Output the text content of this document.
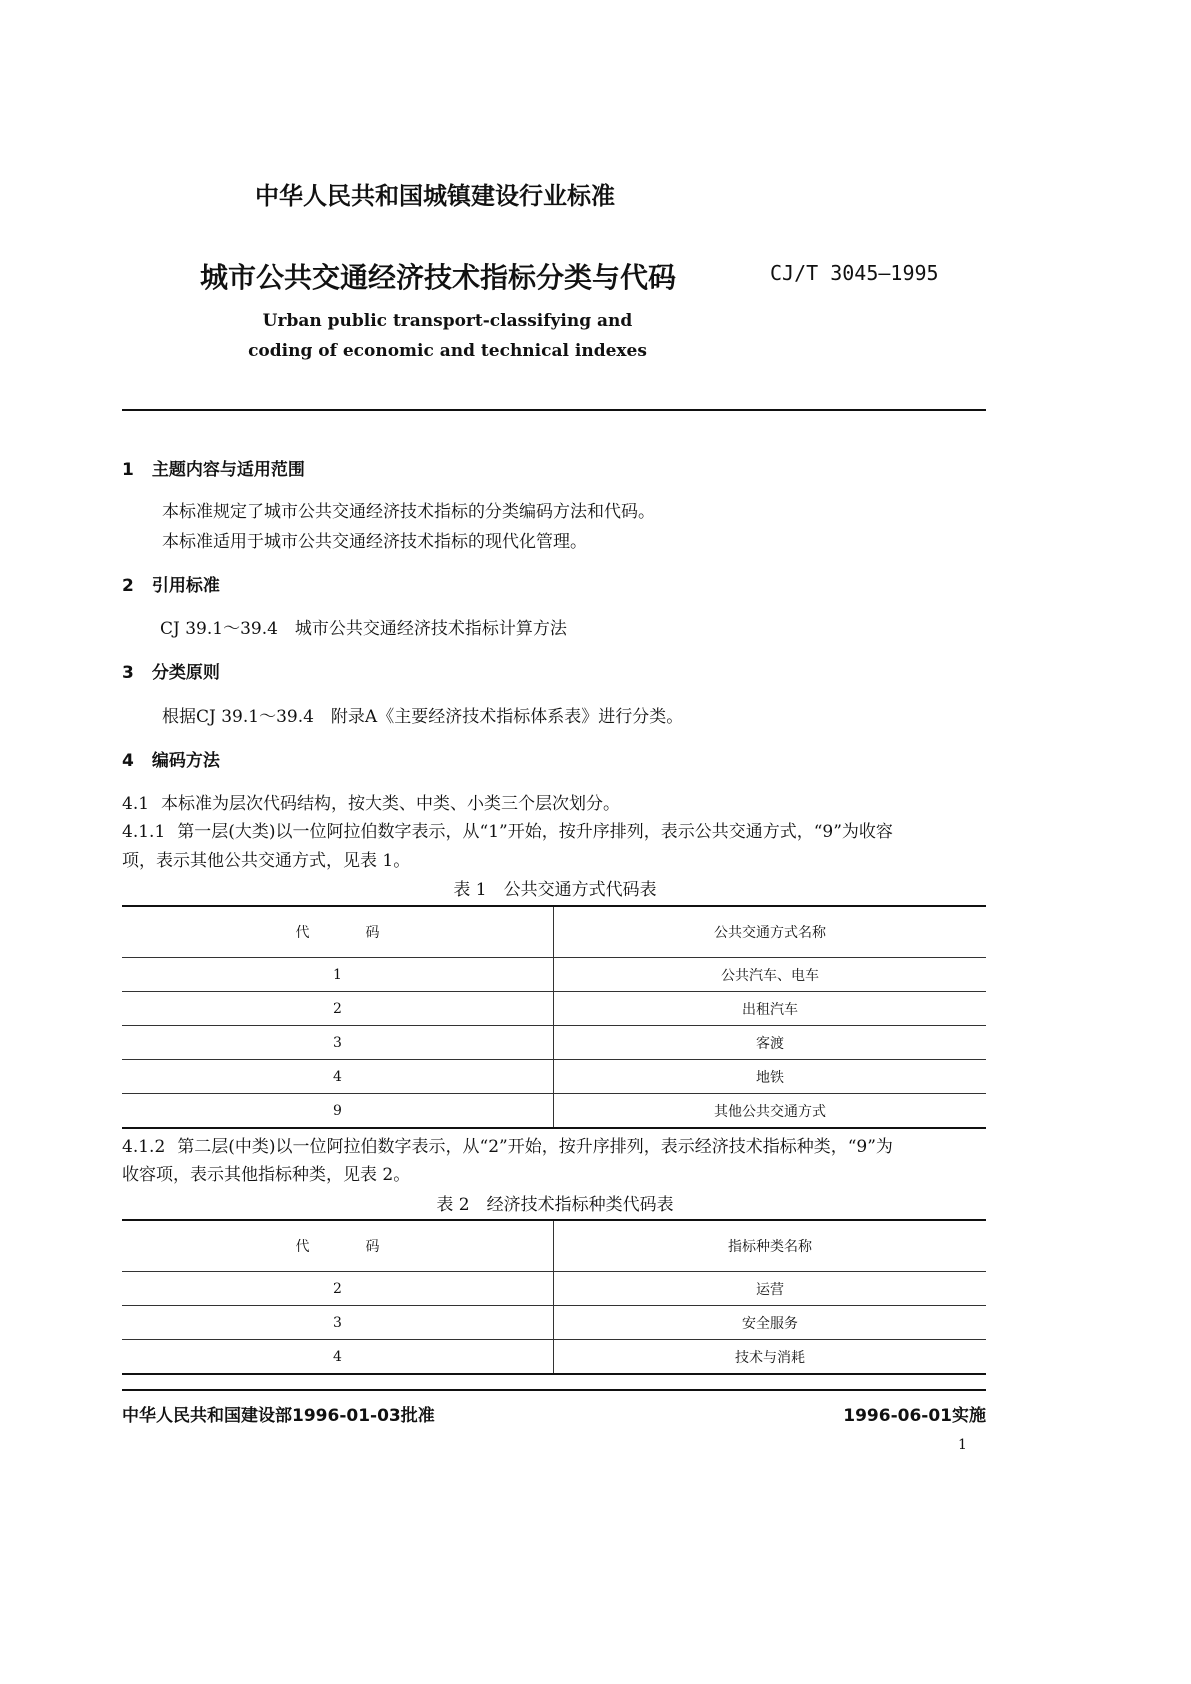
中华人民共和国城镇建设行业标准
城市公共交通经济技术指标分类与代码	CJ/T 3045—1995
Urban public transport-classifying and
coding of economic and technical indexes
1 主题内容与适用范围
本标准规定了城市公共交通经济技术指标的分类编码方法和代码。
本标准适用于城市公共交通经济技术指标的现代化管理。
2 引用标准
CJ 39.1～39.4　城市公共交通经济技术指标计算方法
3 分类原则
根据CJ 39.1～39.4　附录A《主要经济技术指标体系表》进行分类。
4 编码方法
4.1 本标准为层次代码结构，按大类、中类、小类三个层次划分。
4.1.1 第一层(大类)以一位阿拉伯数字表示，从“1”开始，按升序排列，表示公共交通方式，“9”为收容
项，表示其他公共交通方式，见表 1。
表 1　公共交通方式代码表
代　　　　码	公共交通方式名称
1	公共汽车、电车
2	出租汽车
3	客渡
4	地铁
9	其他公共交通方式
4.1.2 第二层(中类)以一位阿拉伯数字表示，从“2”开始，按升序排列，表示经济技术指标种类，“9”为
收容项，表示其他指标种类，见表 2。
表 2　经济技术指标种类代码表
代　　　　码	指标种类名称
2	运营
3	安全服务
4	技术与消耗
中华人民共和国建设部1996-01-03批准	1996-06-01实施
1
